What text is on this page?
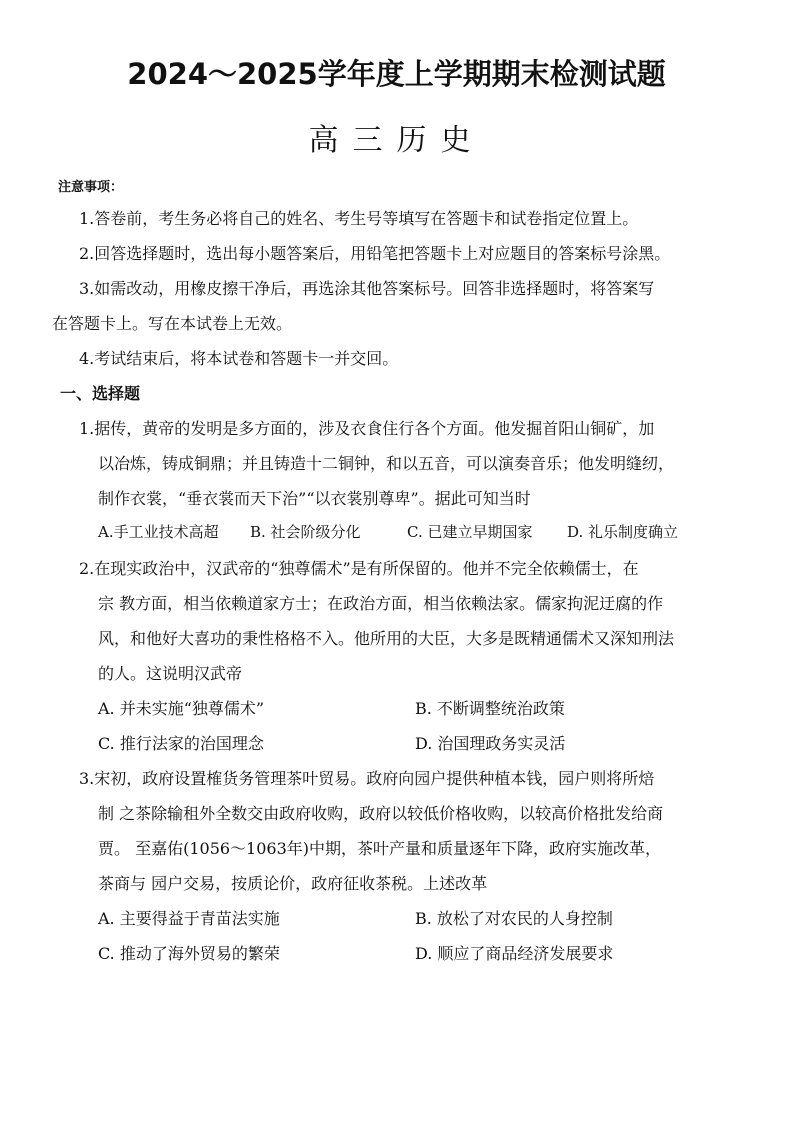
2024～2025学年度上学期期末检测试题
高三历史
注意事项：
1.答卷前，考生务必将自己的姓名、考生号等填写在答题卡和试卷指定位置上。
2.回答选择题时，选出每小题答案后，用铅笔把答题卡上对应题目的答案标号涂黑。
3.如需改动，用橡皮擦干净后，再选涂其他答案标号。回答非选择题时，将答案写
在答题卡上。写在本试卷上无效。
4.考试结束后，将本试卷和答题卡一并交回。
一、选择题
1.据传，黄帝的发明是多方面的，涉及衣食住行各个方面。他发掘首阳山铜矿，加
以冶炼，铸成铜鼎；并且铸造十二铜钟，和以五音，可以演奏音乐；他发明缝纫，
制作衣裳，“垂衣裳而天下治”“以衣裳别尊卑”。据此可知当时
A.手工业技术高超 B. 社会阶级分化	C. 已建立早期国家 D. 礼乐制度确立
2.在现实政治中，汉武帝的“独尊儒术”是有所保留的。他并不完全依赖儒士，在
宗 教方面，相当依赖道家方士；在政治方面，相当依赖法家。儒家拘泥迂腐的作
风，和他好大喜功的秉性格格不入。他所用的大臣，大多是既精通儒术又深知刑法
的人。这说明汉武帝
A. 并未实施“独尊儒术”	B. 不断调整统治政策
C. 推行法家的治国理念	D. 治国理政务实灵活
3.宋初，政府设置榷货务管理茶叶贸易。政府向园户提供种植本钱，园户则将所焙
制 之茶除输租外全数交由政府收购，政府以较低价格收购，以较高价格批发给商
贾。 至嘉佑(1056～1063年)中期，茶叶产量和质量逐年下降，政府实施改革，
茶商与 园户交易，按质论价，政府征收茶税。上述改革
A. 主要得益于青苗法实施	B. 放松了对农民的人身控制
C. 推动了海外贸易的繁荣	D. 顺应了商品经济发展要求
